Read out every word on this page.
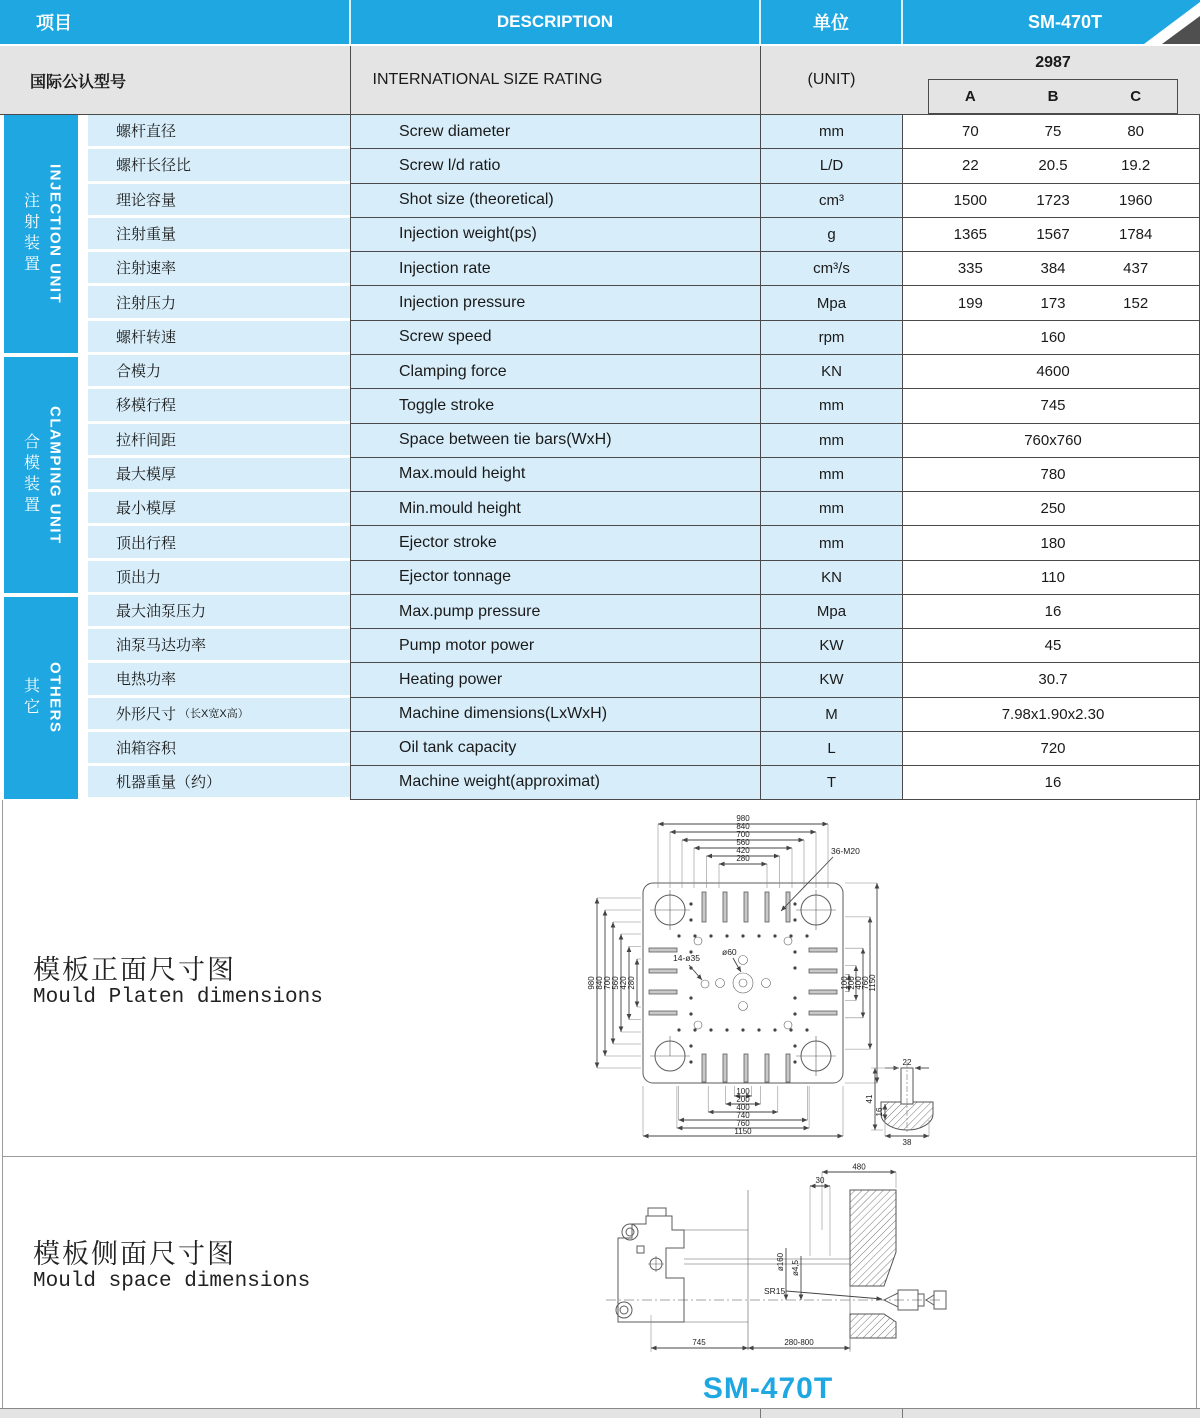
项目	DESCRIPTION	单位	SM-470T
国际公认型号	INTERNATIONAL SIZE RATING	(UNIT)
2987
A	B	C
螺杆直径	Screw diameter	mm	70	75	80
螺杆长径比	Screw l/d ratio	L/D	22	20.5	19.2
理论容量	Shot size (theoretical)	cm³	1500	1723	1960
注射重量	Injection weight(ps)	g	1365	1567	1784
注射速率	Injection rate	cm³/s	335	384	437
注射压力	Injection pressure	Mpa	199	173	152
螺杆转速	Screw speed	rpm	160
合模力	Clamping force	KN	4600
移模行程	Toggle stroke	mm	745
拉杆间距	Space between tie bars(WxH)	mm	760x760
最大模厚	Max.mould height	mm	780
最小模厚	Min.mould height	mm	250
顶出行程	Ejector stroke	mm	180
顶出力	Ejector tonnage	KN	110
最大油泵压力	Max.pump pressure	Mpa	16
油泵马达功率	Pump motor power	KW	45
电热功率	Heating power	KW	30.7
外形尺寸 （长X宽X高）	Machine dimensions(LxWxH)	M	7.98x1.90x2.30
油箱容积	Oil tank capacity	L	720
机器重量（约）	Machine weight(approximat)	T	16
注射装置 INJECTION UNIT
合模装置 CLAMPING UNIT
其它 OTHERS
模板正面尺寸图
Mould Platen dimensions
980
840
700
560
420
280
980 840 700 560 420 280	100
200
400
760
1150
100
200
400
740
760
1150
36-M20
14-ø35
ø60
22
41
16
38
模板侧面尺寸图
Mould space dimensions
480
30
ø160 ø4,5
SR15
745	280-800
SM-470T
